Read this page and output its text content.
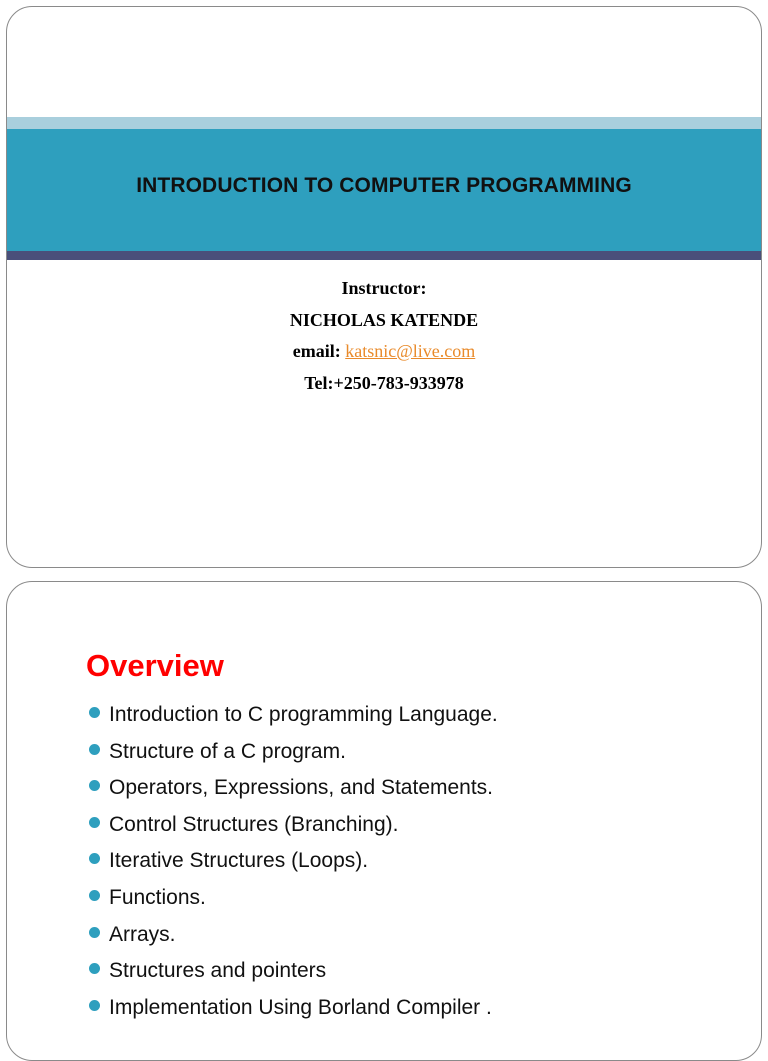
INTRODUCTION TO COMPUTER PROGRAMMING
Instructor:
NICHOLAS KATENDE
email: katsnic@live.com
Tel:+250-783-933978
Overview
Introduction to C programming Language.
Structure of a C program.
Operators, Expressions, and Statements.
Control Structures (Branching).
Iterative Structures (Loops).
Functions.
Arrays.
Structures and pointers
Implementation Using Borland Compiler .
